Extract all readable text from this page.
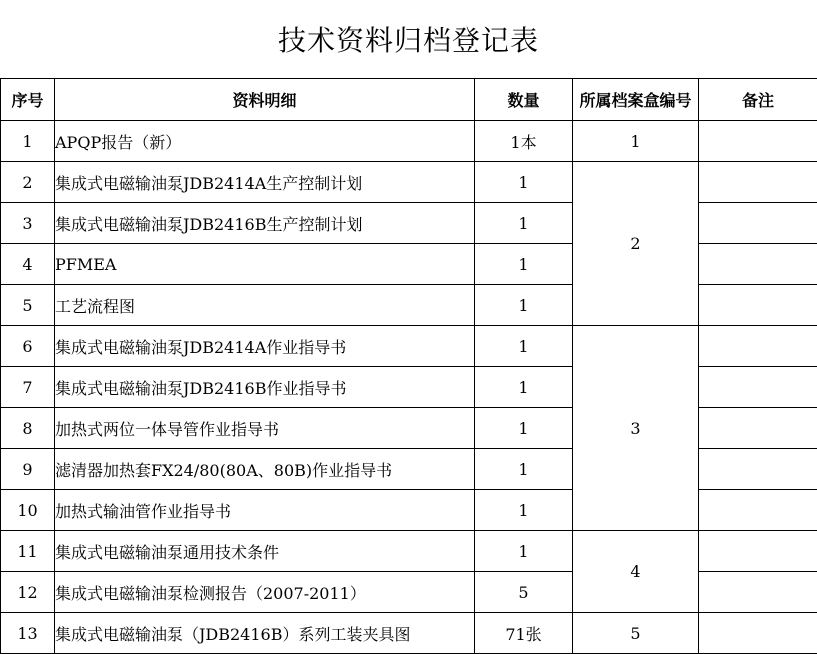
技术资料归档登记表
序号	资料明细	数量	所属档案盒编号	备注
1	APQP报告（新）	1本	1	
2	集成式电磁输油泵JDB2414A生产控制计划	1	2	
3	集成式电磁输油泵JDB2416B生产控制计划	1		
4	PFMEA	1		
5	工艺流程图	1		
6	集成式电磁输油泵JDB2414A作业指导书	1	3	
7	集成式电磁输油泵JDB2416B作业指导书	1		
8	加热式两位一体导管作业指导书	1		
9	滤清器加热套FX24/80(80A、80B)作业指导书	1		
10	加热式输油管作业指导书	1		
11	集成式电磁输油泵通用技术条件	1	4	
12	集成式电磁输油泵检测报告（2007-2011）	5		
13	集成式电磁输油泵（JDB2416B）系列工装夹具图	71张	5	
